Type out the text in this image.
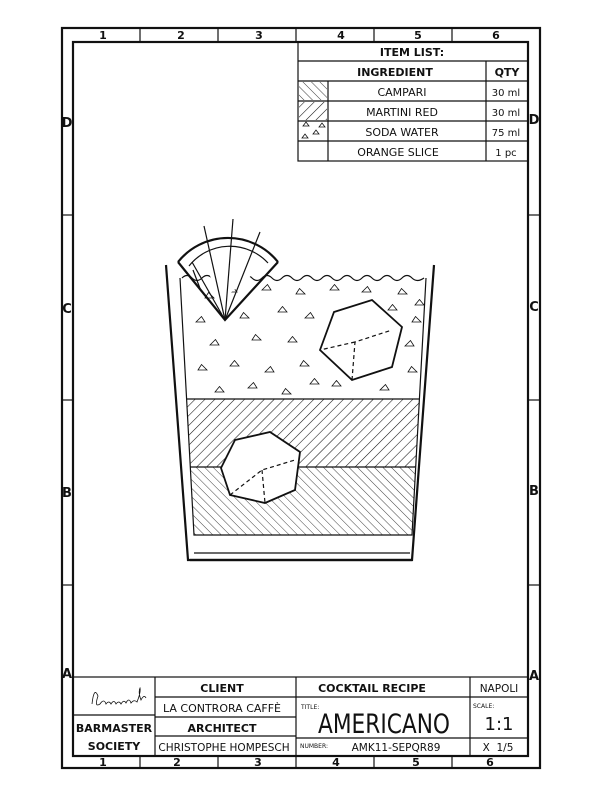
1	2	3	4	5	6
1	2	3	4	5	6
D
C
B
A
D
C
B
A
ITEM LIST:
INGREDIENT	QTY
CAMPARI	30 ml
MARTINI RED	30 ml
SODA WATER	75 ml
ORANGE SLICE	1 pc
BARMASTER
SOCIETY
CLIENT
LA CONTRORA CAFFÈ
ARCHITECT
CHRISTOPHE HOMPESCH
COCKTAIL RECIPE	NAPOLI
TITLE:
AMERICANO
SCALE:
1:1
NUMBER: AMK11-SEPQR89	X  1/5
